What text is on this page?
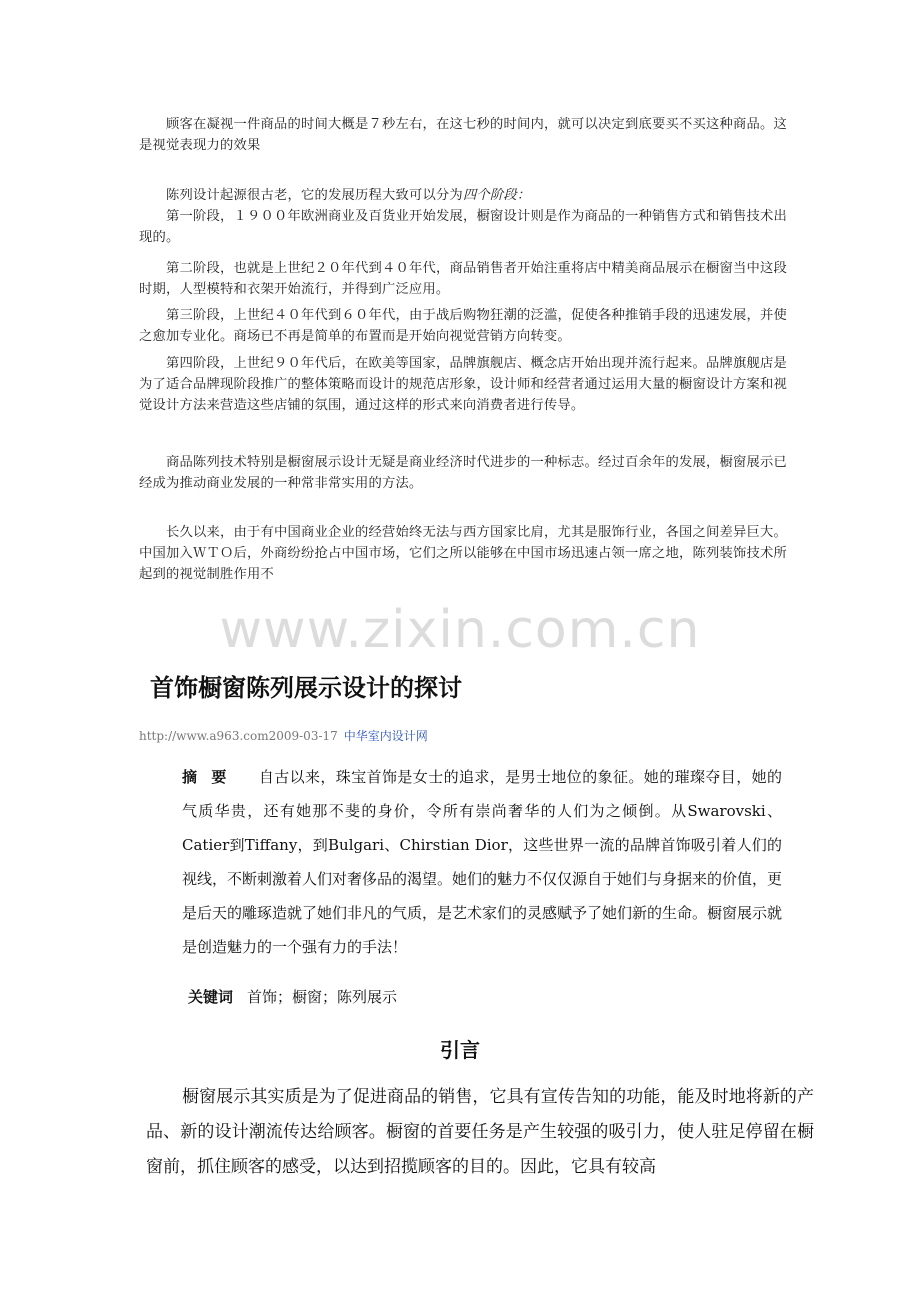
顾客在凝视一件商品的时间大概是７秒左右，在这七秒的时间内，就可以决定到底要买不买这种商品。这是视觉表现力的效果

陈列设计起源很古老，它的发展历程大致可以分为四个阶段：

第一阶段，１９００年欧洲商业及百货业开始发展，橱窗设计则是作为商品的一种销售方式和销售技术出现的。

第二阶段，也就是上世纪２０年代到４０年代，商品销售者开始注重将店中精美商品展示在橱窗当中这段时期，人型模特和衣架开始流行，并得到广泛应用。

第三阶段，上世纪４０年代到６０年代，由于战后购物狂潮的泛滥，促使各种推销手段的迅速发展，并使之愈加专业化。商场已不再是简单的布置而是开始向视觉营销方向转变。

第四阶段，上世纪９０年代后，在欧美等国家，品牌旗舰店、概念店开始出现并流行起来。品牌旗舰店是为了适合品牌现阶段推广的整体策略而设计的规范店形象，设计师和经营者通过运用大量的橱窗设计方案和视觉设计方法来营造这些店铺的氛围，通过这样的形式来向消费者进行传导。

商品陈列技术特别是橱窗展示设计无疑是商业经济时代进步的一种标志。经过百余年的发展，橱窗展示已经成为推动商业发展的一种常非常实用的方法。

长久以来，由于有中国商业企业的经营始终无法与西方国家比肩，尤其是服饰行业，各国之间差异巨大。中国加入ＷＴＯ后，外商纷纷抢占中国市场，它们之所以能够在中国市场迅速占领一席之地，陈列装饰技术所起到的视觉制胜作用不

www.zixin.com.cn

首饰橱窗陈列展示设计的探讨

http://www.a963.com2009-03-17 中华室内设计网

摘要 自古以来，珠宝首饰是女士的追求，是男士地位的象征。她的璀璨夺目，她的气质华贵，还有她那不斐的身价，令所有崇尚奢华的人们为之倾倒。从Swarovski、Catier到Tiffany，到Bulgari、Chirstian Dior，这些世界一流的品牌首饰吸引着人们的视线，不断刺激着人们对奢侈品的渴望。她们的魅力不仅仅源自于她们与身据来的价值，更是后天的雕琢造就了她们非凡的气质，是艺术家们的灵感赋予了她们新的生命。橱窗展示就是创造魅力的一个强有力的手法！

关键词 首饰；橱窗；陈列展示

引言

橱窗展示其实质是为了促进商品的销售，它具有宣传告知的功能，能及时地将新的产品、新的设计潮流传达给顾客。橱窗的首要任务是产生较强的吸引力，使人驻足停留在橱窗前，抓住顾客的感受，以达到招揽顾客的目的。因此，它具有较高
